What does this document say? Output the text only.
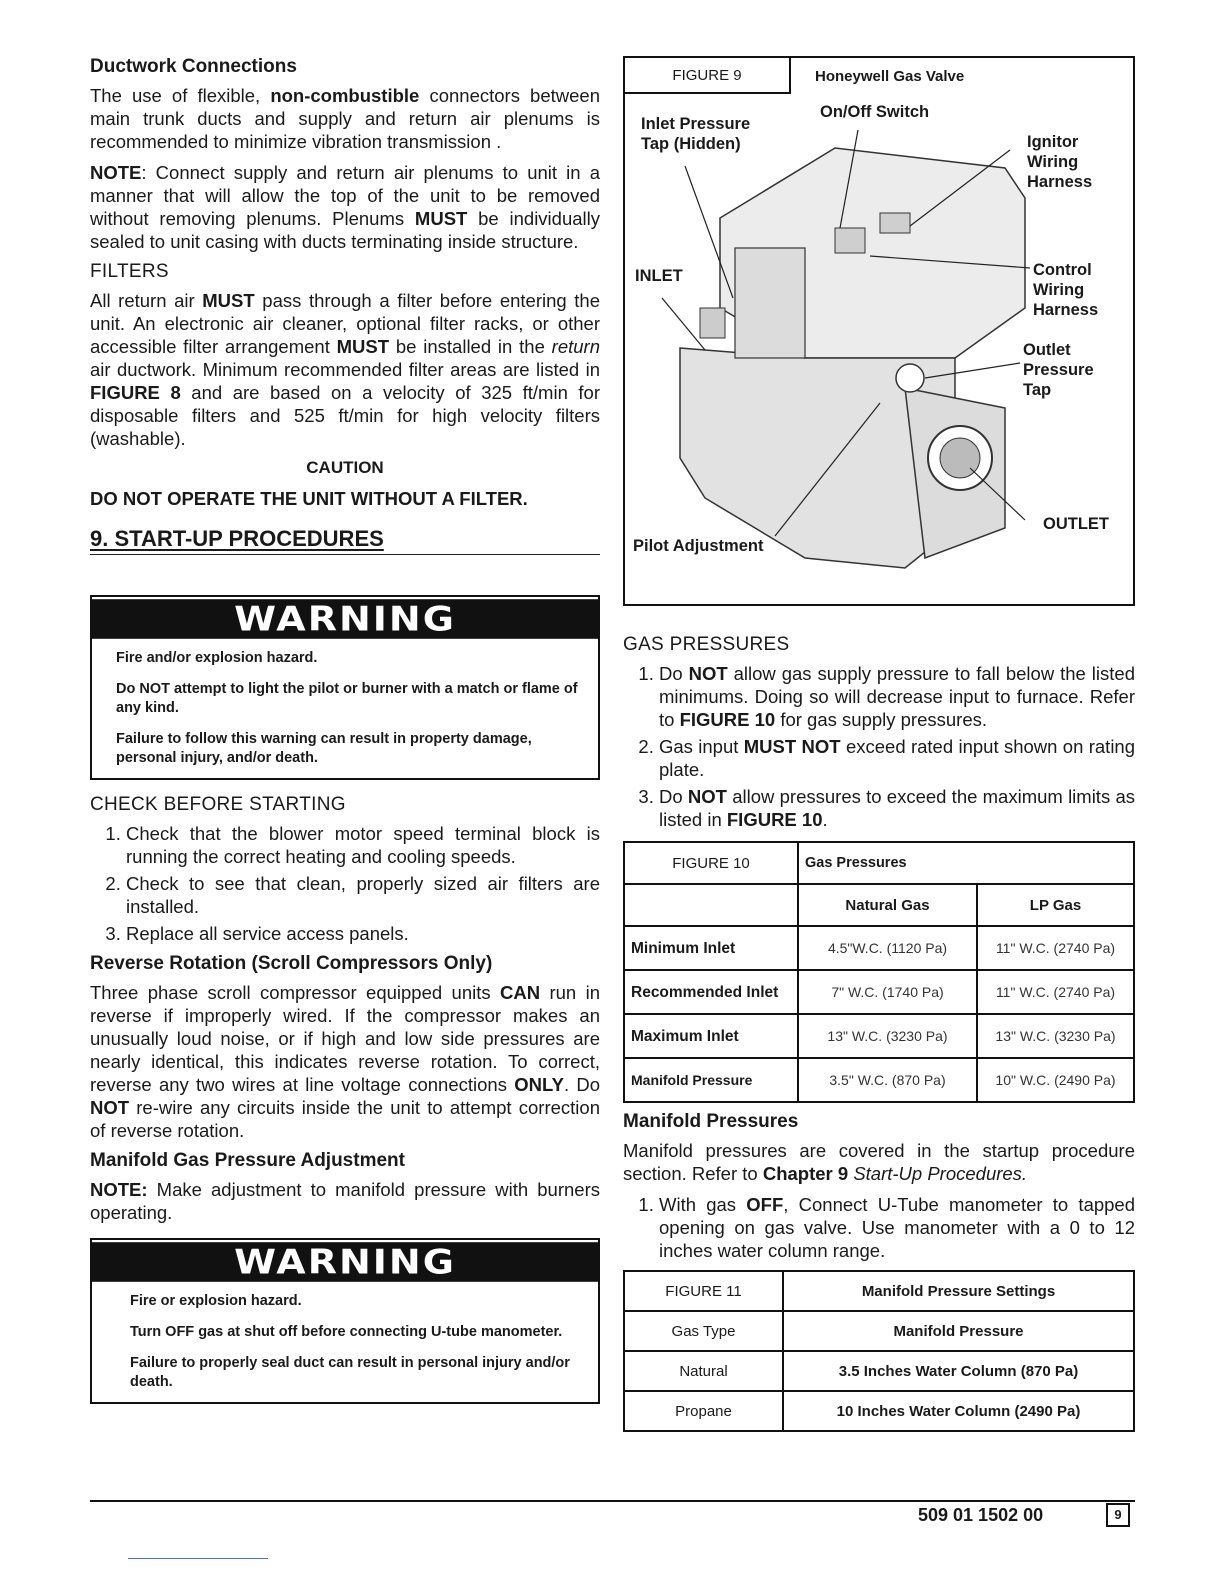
Ductwork Connections

The use of flexible, non-combustible connectors between main trunk ducts and supply and return air plenums is recommended to minimize vibration transmission .

NOTE: Connect supply and return air plenums to unit in a manner that will allow the top of the unit to be removed without removing plenums. Plenums MUST be individually sealed to unit casing with ducts terminating inside structure.

FILTERS

All return air MUST pass through a filter before entering the unit. An electronic air cleaner, optional filter racks, or other accessible filter arrangement MUST be installed in the return air ductwork. Minimum recommended filter areas are listed in FIGURE 8 and are based on a velocity of 325 ft/min for disposable filters and 525 ft/min for high velocity filters (washable).

CAUTION
DO NOT OPERATE THE UNIT WITHOUT A FILTER.
9. START-UP PROCEDURES
WARNING
Fire and/or explosion hazard.
Do NOT attempt to light the pilot or burner with a match or flame of any kind.
Failure to follow this warning can result in property damage, personal injury, and/or death.
CHECK BEFORE STARTING
1. Check that the blower motor speed terminal block is running the correct heating and cooling speeds.
2. Check to see that clean, properly sized air filters are installed.
3. Replace all service access panels.
Reverse Rotation (Scroll Compressors Only)

Three phase scroll compressor equipped units CAN run in reverse if improperly wired. If the compressor makes an unusually loud noise, or if high and low side pressures are nearly identical, this indicates reverse rotation. To correct, reverse any two wires at line voltage connections ONLY. Do NOT re-wire any circuits inside the unit to attempt correction of reverse rotation.

Manifold Gas Pressure Adjustment

NOTE: Make adjustment to manifold pressure with burners operating.

WARNING
Fire or explosion hazard.
Turn OFF gas at shut off before connecting U-tube manometer.
Failure to properly seal duct can result in personal injury and/or death.
FIGURE 9	Honeywell Gas Valve
On/Off Switch
Inlet Pressure Tap (Hidden)	Ignitor Wiring Harness
INLET	Control Wiring Harness
Outlet Pressure Tap
OUTLET
Pilot Adjustment
GAS PRESSURES
1. Do NOT allow gas supply pressure to fall below the listed minimums. Doing so will decrease input to furnace. Refer to FIGURE 10 for gas supply pressures.
2. Gas input MUST NOT exceed rated input shown on rating plate.
3. Do NOT allow pressures to exceed the maximum limits as listed in FIGURE 10.
FIGURE 10	Gas Pressures	
	Natural Gas	LP Gas
Minimum Inlet	4.5"W.C. (1120 Pa)	11" W.C. (2740 Pa)
Recommended Inlet	7" W.C. (1740 Pa)	11" W.C. (2740 Pa)
Maximum Inlet	13" W.C. (3230 Pa)	13" W.C. (3230 Pa)
Manifold Pressure	3.5" W.C. (870 Pa)	10" W.C. (2490 Pa)
Manifold Pressures

Manifold pressures are covered in the startup procedure section. Refer to Chapter 9 Start-Up Procedures.

1. With gas OFF, Connect U-Tube manometer to tapped opening on gas valve. Use manometer with a 0 to 12 inches water column range.
FIGURE 11	Manifold Pressure Settings
Gas Type	Manifold Pressure
Natural	3.5 Inches Water Column (870 Pa)
Propane	10 Inches Water Column (2490 Pa)
509 01 1502 00	9
